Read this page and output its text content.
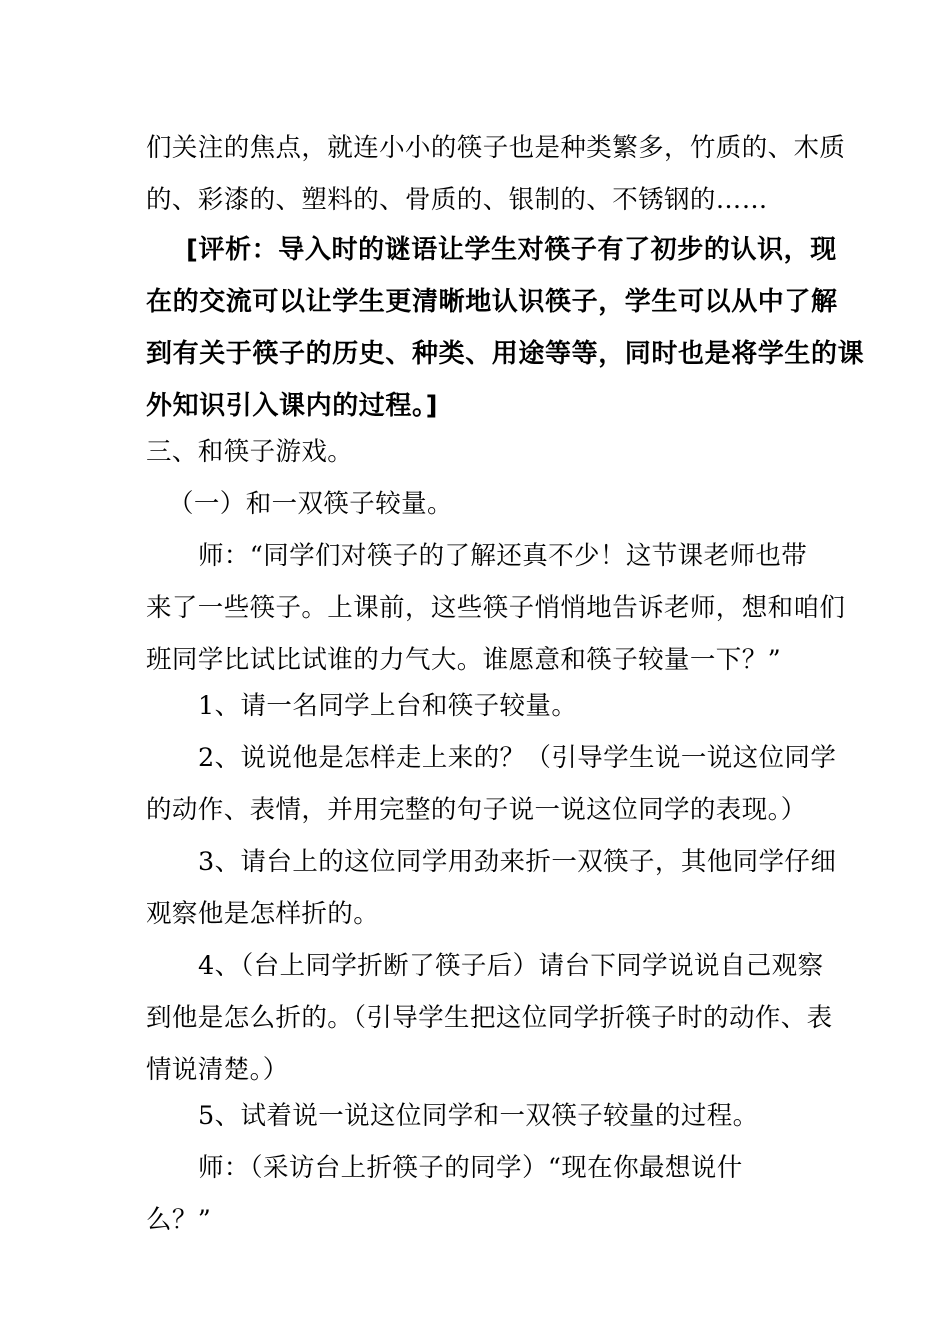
们关注的焦点，就连小小的筷子也是种类繁多，竹质的、木质
的、彩漆的、塑料的、骨质的、银制的、不锈钢的……
[评析：导入时的谜语让学生对筷子有了初步的认识，现
在的交流可以让学生更清晰地认识筷子，学生可以从中了解
到有关于筷子的历史、种类、用途等等，同时也是将学生的课
外知识引入课内的过程。]
三、和筷子游戏。
（一）和一双筷子较量。
师：“同学们对筷子的了解还真不少！这节课老师也带
来了一些筷子。上课前，这些筷子悄悄地告诉老师，想和咱们
班同学比试比试谁的力气大。谁愿意和筷子较量一下？”
1、请一名同学上台和筷子较量。
2、说说他是怎样走上来的？（引导学生说一说这位同学
的动作、表情，并用完整的句子说一说这位同学的表现。）
3、请台上的这位同学用劲来折一双筷子，其他同学仔细
观察他是怎样折的。
4、（台上同学折断了筷子后）请台下同学说说自己观察
到他是怎么折的。（引导学生把这位同学折筷子时的动作、表
情说清楚。）
5、试着说一说这位同学和一双筷子较量的过程。
师：（采访台上折筷子的同学）“现在你最想说什
么？”
